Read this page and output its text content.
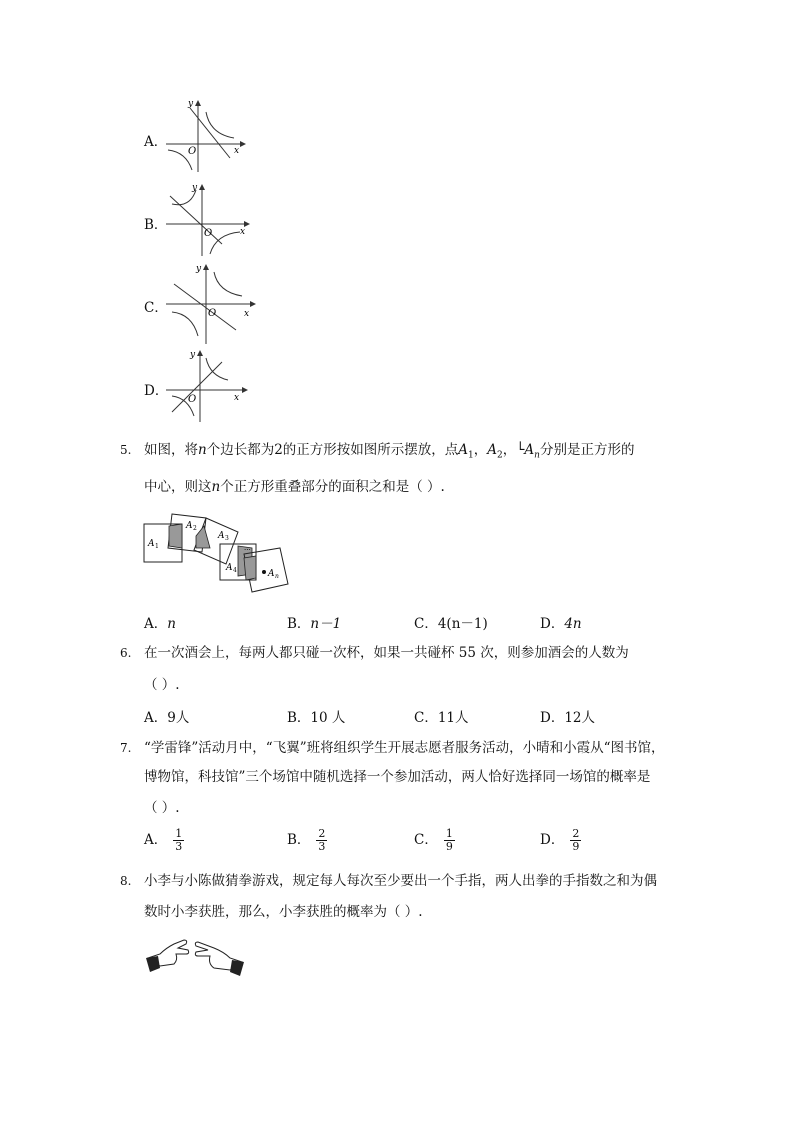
A．
y
x
O
B．
y
x
O
C．
y
x
O
D．
y
x
O
5. 如图，将n个边长都为2的正方形按如图所示摆放，点$A_1$，$A_2$，$└A_n$分别是正方形的
中心，则这n个正方形重叠部分的面积之和是（ ）.
A 1
A 2
A 3
...
A 4	A n
A．n	B．n－1	C．4(n－1)	D．4n
6. 在一次酒会上，每两人都只碰一次杯，如果一共碰杯 55 次，则参加酒会的人数为
（ ）.
A．9人	B．10 人	C．11人	D．12人
7. “学雷锋”活动月中，“飞翼”班将组织学生开展志愿者服务活动，小晴和小霞从“图书馆，
博物馆，科技馆”三个场馆中随机选择一个参加活动，两人恰好选择同一场馆的概率是
（ ）.
A． $\frac{1}{3}$	B． $\frac{2}{3}$	C． $\frac{1}{9}$	D． $\frac{2}{9}$
8. 小李与小陈做猜拳游戏，规定每人每次至少要出一个手指，两人出拳的手指数之和为偶
数时小李获胜，那么，小李获胜的概率为（ ）.
